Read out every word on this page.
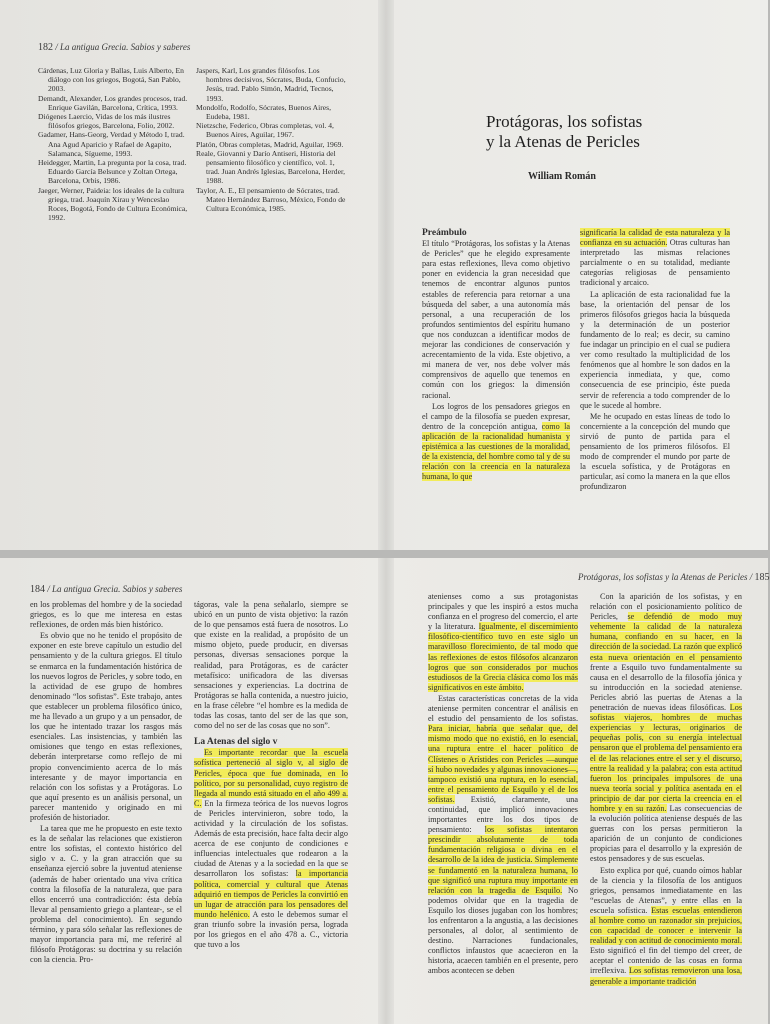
182 / La antigua Grecia. Sabios y saberes
Cárdenas, Luz Gloria y Ballas, Luis Alberto, En diálogo con los griegos, Bogotá, San Pablo, 2003.
Demandt, Alexander, Los grandes procesos, trad. Enrique Gavilán, Barcelona, Crítica, 1993.
Diógenes Laercio, Vidas de los más ilustres filósofos griegos, Barcelona, Folio, 2002.
Gadamer, Hans-Georg, Verdad y Método I, trad. Ana Agud Aparicio y Rafael de Agapito, Salamanca, Sígueme, 1993.
Heidegger, Martin, La pregunta por la cosa, trad. Eduardo García Belsunce y Zoltan Ortega, Barcelona, Orbis, 1986.
Jaeger, Werner, Paideia: los ideales de la cultura griega, trad. Joaquín Xirau y Wenceslao Roces, Bogotá, Fondo de Cultura Económica, 1992.
Jaspers, Karl, Los grandes filósofos. Los hombres decisivos, Sócrates, Buda, Confucio, Jesús, trad. Pablo Simón, Madrid, Tecnos, 1993.
Mondolfo, Rodolfo, Sócrates, Buenos Aires, Eudeba, 1981.
Nietzsche, Federico, Obras completas, vol. 4, Buenos Aires, Aguilar, 1967.
Platón, Obras completas, Madrid, Aguilar, 1969.
Reale, Giovanni y Darío Antiseri, Historia del pensamiento filosófico y científico, vol. 1, trad. Juan Andrés Iglesias, Barcelona, Herder, 1988.
Taylor, A. E., El pensamiento de Sócrates, trad. Mateo Hernández Barroso, México, Fondo de Cultura Económica, 1985.
Protágoras, los sofistas
y la Atenas de Pericles
William Román

Preámbulo

El título “Protágoras, los sofistas y la Atenas de Pericles” que he elegido expresamente para estas reflexiones, lleva como objetivo poner en evidencia la gran necesidad que tenemos de encontrar algunos puntos estables de referencia para retornar a una búsqueda del saber, a una autonomía más personal, a una recuperación de los profundos sentimientos del espíritu humano que nos conduzcan a identificar modos de mejorar las condiciones de conservación y acrecentamiento de la vida. Este objetivo, a mi manera de ver, nos debe volver más comprensivos de aquello que tenemos en común con los griegos: la dimensión racional.

Los logros de los pensadores griegos en el campo de la filosofía se pueden expresar, dentro de la concepción antigua, como la aplicación de la racionalidad humanista y epistémica a las cuestiones de la moralidad, de la existencia, del hombre como tal y de su relación con la creencia en la naturaleza humana, lo que

significaría la calidad de esta naturaleza y la confianza en su actuación. Otras culturas han interpretado las mismas relaciones parcialmente o en su totalidad, mediante categorías religiosas de pensamiento tradicional y arcaico.

La aplicación de esta racionalidad fue la base, la orientación del pensar de los primeros filósofos griegos hacia la búsqueda y la determinación de un posterior fundamento de lo real; es decir, su camino fue indagar un principio en el cual se pudiera ver como resultado la multiplicidad de los fenómenos que al hombre le son dados en la experiencia inmediata, y que, como consecuencia de ese principio, éste pueda servir de referencia a todo comprender de lo que le sucede al hombre.

Me he ocupado en estas líneas de todo lo concerniente a la concepción del mundo que sirvió de punto de partida para el pensamiento de los primeros filósofos. El modo de comprender el mundo por parte de la escuela sofística, y de Protágoras en particular, así como la manera en la que ellos profundizaron

184 / La antigua Grecia. Sabios y saberes
Protágoras, los sofistas y la Atenas de Pericles / 185

en los problemas del hombre y de la sociedad griegos, es lo que me interesa en estas reflexiones, de orden más bien histórico.

Es obvio que no he tenido el propósito de exponer en este breve capítulo un estudio del pensamiento y de la cultura griegos. El título se enmarca en la fundamentación histórica de los nuevos logros de Pericles, y sobre todo, en la actividad de ese grupo de hombres denominado “los sofistas”. Este trabajo, antes que establecer un problema filosófico único, me ha llevado a un grupo y a un pensador, de los que he intentado trazar los rasgos más esenciales. Las insistencias, y también las omisiones que tengo en estas reflexiones, deberán interpretarse como reflejo de mi propio convencimiento acerca de lo más interesante y de mayor importancia en relación con los sofistas y a Protágoras. Lo que aquí presento es un análisis personal, un parecer mantenido y originado en mi profesión de historiador.

La tarea que me he propuesto en este texto es la de señalar las relaciones que existieron entre los sofistas, el contexto histórico del siglo v a. C. y la gran atracción que su enseñanza ejerció sobre la juventud ateniense (además de haber orientado una viva crítica contra la filosofía de la naturaleza, que para ellos encerró una contradicción: ésta debía llevar al pensamiento griego a plantear-, se el problema del conocimiento). En segundo término, y para sólo señalar las reflexiones de mayor importancia para mí, me referiré al filósofo Protágoras: su doctrina y su relación con la ciencia. Pro-

tágoras, vale la pena señalarlo, siempre se ubicó en un punto de vista objetivo: la razón de lo que pensamos está fuera de nosotros. Lo que existe en la realidad, a propósito de un mismo objeto, puede producir, en diversas personas, diversas sensaciones porque la realidad, para Protágoras, es de carácter metafísico: unificadora de las diversas sensaciones y experiencias. La doctrina de Protágoras se halla contenida, a nuestro juicio, en la frase célebre “el hombre es la medida de todas las cosas, tanto del ser de las que son, como del no ser de las cosas que no son”.

La Atenas del siglo v

Es importante recordar que la escuela sofística perteneció al siglo v, al siglo de Pericles, época que fue dominada, en lo político, por su personalidad, cuyo registro de llegada al mundo está situado en el año 499 a. C. En la firmeza teórica de los nuevos logros de Pericles intervinieron, sobre todo, la actividad y la circulación de los sofistas. Además de esta precisión, hace falta decir algo acerca de ese conjunto de condiciones e influencias intelectuales que rodearon a la ciudad de Atenas y a la sociedad en la que se desarrollaron los sofistas: la importancia política, comercial y cultural que Atenas adquirió en tiempos de Pericles la convirtió en un lugar de atracción para los pensadores del mundo helénico. A esto le debemos sumar el gran triunfo sobre la invasión persa, lograda por los griegos en el año 478 a. C., victoria que tuvo a los

atenienses como a sus protagonistas principales y que les inspiró a estos mucha confianza en el progreso del comercio, el arte y la literatura. Igualmente, el discernimiento filosófico-científico tuvo en este siglo un maravilloso florecimiento, de tal modo que las reflexiones de estos filósofos alcanzaron logros que son considerados por muchos estudiosos de la Grecia clásica como los más significativos en este ámbito.

Estas características concretas de la vida ateniense permiten concentrar el análisis en el estudio del pensamiento de los sofistas. Para iniciar, habría que señalar que, del mismo modo que no existió, en lo esencial, una ruptura entre el hacer político de Clístenes o Arístides con Pericles —aunque sí hubo novedades y algunas innovaciones—, tampoco existió una ruptura, en lo esencial, entre el pensamiento de Esquilo y el de los sofistas. Existió, claramente, una continuidad, que implicó innovaciones importantes entre los dos tipos de pensamiento: los sofistas intentaron prescindir absolutamente de toda fundamentación religiosa o divina en el desarrollo de la idea de justicia. Simplemente se fundamentó en la naturaleza humana, lo que significó una ruptura muy importante en relación con la tragedia de Esquilo. No podemos olvidar que en la tragedia de Esquilo los dioses jugaban con los hombres; los enfrentaron a la angustia, a las decisiones personales, al dolor, al sentimiento de destino. Narraciones fundacionales, conflictos infaustos que acaecieron en la historia, acaecen también en el presente, pero ambos acontecen se deben

Con la aparición de los sofistas, y en relación con el posicionamiento político de Pericles, se defendió de modo muy vehemente la calidad de la naturaleza humana, confiando en su hacer, en la dirección de la sociedad. La razón que explicó esta nueva orientación en el pensamiento frente a Esquilo tuvo fundamentalmente su causa en el desarrollo de la filosofía jónica y su introducción en la sociedad ateniense. Pericles abrió las puertas de Atenas a la penetración de nuevas ideas filosóficas. Los sofistas viajeros, hombres de muchas experiencias y lecturas, originarios de pequeñas polis, con su energía intelectual pensaron que el problema del pensamiento era el de las relaciones entre el ser y el discurso, entre la realidad y la palabra; con esta actitud fueron los principales impulsores de una nueva teoría social y política asentada en el principio de dar por cierta la creencia en el hombre y en su razón. Las consecuencias de la evolución política ateniense después de las guerras con los persas permitieron la aparición de un conjunto de condiciones propicias para el desarrollo y la expresión de estos pensadores y de sus escuelas.

Esto explica por qué, cuando oímos hablar de la ciencia y la filosofía de los antiguos griegos, pensamos inmediatamente en las “escuelas de Atenas”, y entre ellas en la escuela sofística. Estas escuelas entendieron al hombre como un razonador sin prejuicios, con capacidad de conocer e intervenir la realidad y con actitud de conocimiento moral. Esto significó el fin del tiempo del creer, de aceptar el contenido de las cosas en forma irreflexiva. Los sofistas removieron una losa, generable a importante tradición
